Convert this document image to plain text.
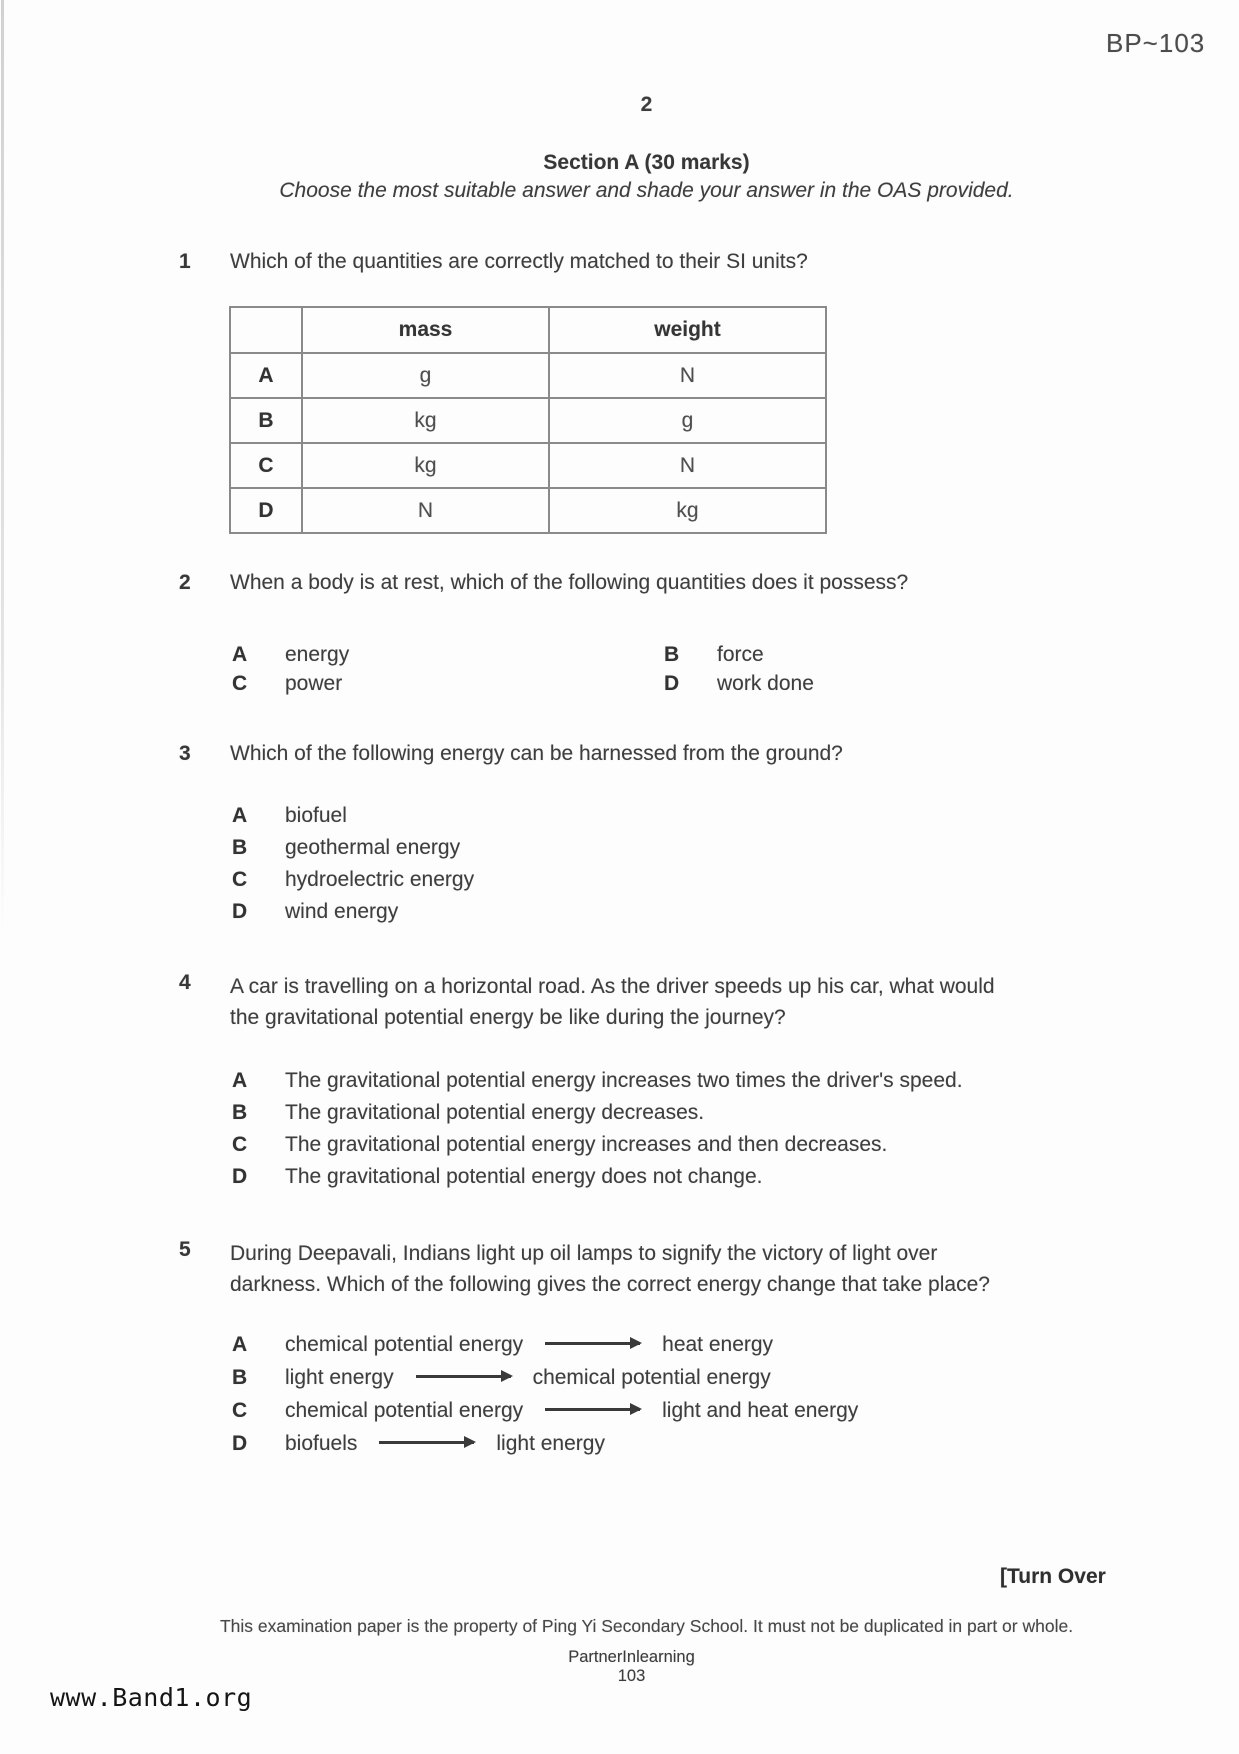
BP~103
2
Section A (30 marks)
Choose the most suitable answer and shade your answer in the OAS provided.
1 Which of the quantities are correctly matched to their SI units?
	mass	weight
A	g	N
B	kg	g
C	kg	N
D	N	kg
2 When a body is at rest, which of the following quantities does it possess?
A energy	B force
C power	D work done
3 Which of the following energy can be harnessed from the ground?
A biofuel
B geothermal energy
C hydroelectric energy
D wind energy
4 A car is travelling on a horizontal road. As the driver speeds up his car, what would
the gravitational potential energy be like during the journey?
A The gravitational potential energy increases two times the driver's speed.
B The gravitational potential energy decreases.
C The gravitational potential energy increases and then decreases.
D The gravitational potential energy does not change.
5 During Deepavali, Indians light up oil lamps to signify the victory of light over
darkness. Which of the following gives the correct energy change that take place?
A chemical potential energy	heat energy
B light energy	chemical potential energy
C chemical potential energy	light and heat energy
D biofuels	light energy
[Turn Over
This examination paper is the property of Ping Yi Secondary School. It must not be duplicated in part or whole.
PartnerInlearning
103
www.Band1.org
